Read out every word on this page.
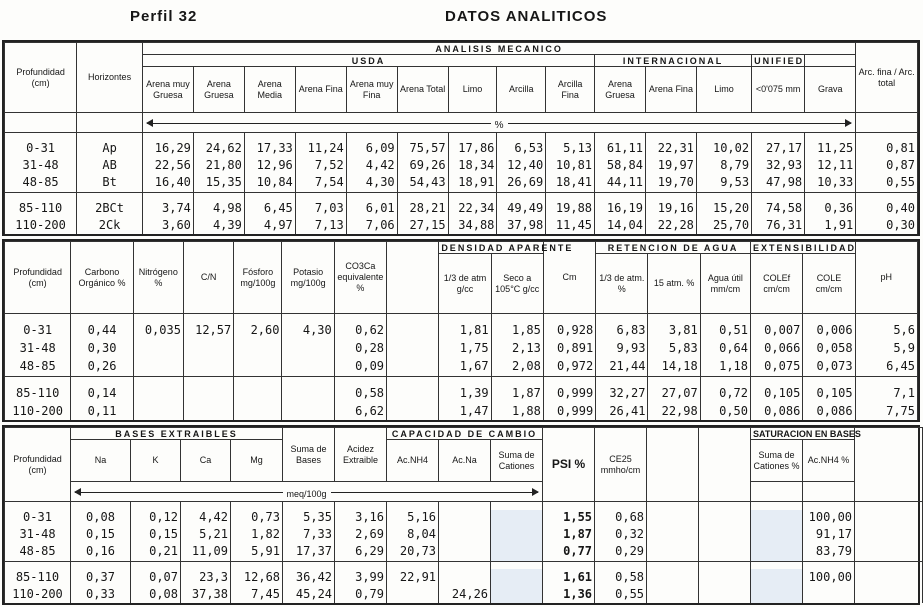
Perfil 32	DATOS ANALITICOS
Profundidad (cm)	Horizontes	ANALISIS MECANICO														Arc. fina / Arc. total
		USDA									INTERNACIONAL			UNIFIED		
		Arena muy Gruesa	Arena Gruesa	Arena Media	Arena Fina	Arena muy Fina	Arena Total	Limo	Arcilla	Arcilla Fina	Arena Gruesa	Arena Fina	Limo	<0'075 mm	Grava	

%														

0-31	Ap	16,29	24,62	17,33	11,24	6,09	75,57	17,86	6,53	5,13	61,11	22,31	10,02	27,17	11,25	0,81
31-48	AB	22,56	21,80	12,96	7,52	4,42	69,26	18,34	12,40	10,81	58,84	19,97	8,79	32,93	12,11	0,87
48-85	Bt	16,40	15,35	10,84	7,54	4,30	54,43	18,91	26,69	18,41	44,11	19,70	9,53	47,98	10,33	0,55

85-110	2BCt	3,74	4,98	6,45	7,03	6,01	28,21	22,34	49,49	19,88	16,19	19,16	15,20	74,58	0,36	0,40
110-200	2Ck	3,60	4,39	4,97	7,13	7,06	27,15	34,88	37,98	11,45	14,04	22,28	25,70	76,31	1,91	0,30
Profundidad (cm)	Carbono Orgánico %	Nitrógeno %	C/N	Fósforo mg/100g	Potasio mg/100g	CO3Ca equivalente %		DENSIDAD APARENTE		Cm	RETENCION DE AGUA			EXTENSIBILIDAD		pH
								1/3 de atm g/cc	Seco a 105°C g/cc		1/3 de atm. %	15 atm. %	Agua útil mm/cm	COLEf cm/cm	COLE cm/cm	

0-31	0,44	0,035	12,57	2,60	4,30	0,62		1,81	1,85	0,928	6,83	3,81	0,51	0,007	0,006	5,6
31-48	0,30					0,28		1,75	2,13	0,891	9,93	5,83	0,64	0,066	0,058	5,9
48-85	0,26					0,09		1,67	2,08	0,972	21,44	14,18	1,18	0,075	0,073	6,45

85-110	0,14					0,58		1,39	1,87	0,999	32,27	27,07	0,72	0,105	0,105	7,1
110-200	0,11					6,62		1,47	1,88	0,999	26,41	22,98	0,50	0,086	0,086	7,75
Profundidad (cm)	BASES EXTRAIBLES				Suma de Bases	Acidez Extraible	CAPACIDAD DE CAMBIO			PSI %	CE25 mmho/cm			SATURACION EN BASES		
	Na	K	Ca	Mg			Ac.NH4	Ac.Na	Suma de Cationes					Suma de Cationes %	Ac.NH4 %	

meq/100g															

0-31	0,08	0,12	4,42	0,73	5,35	3,16	5,16			1,55	0,68				100,00	
31-48	0,15	0,15	5,21	1,82	7,33	2,69	8,04			1,87	0,32				91,17	
48-85	0,16	0,21	11,09	5,91	17,37	6,29	20,73			0,77	0,29				83,79	

85-110	0,37	0,07	23,3	12,68	36,42	3,99	22,91			1,61	0,58				100,00	
110-200	0,33	0,08	37,38	7,45	45,24	0,79		24,26		1,36	0,55					
